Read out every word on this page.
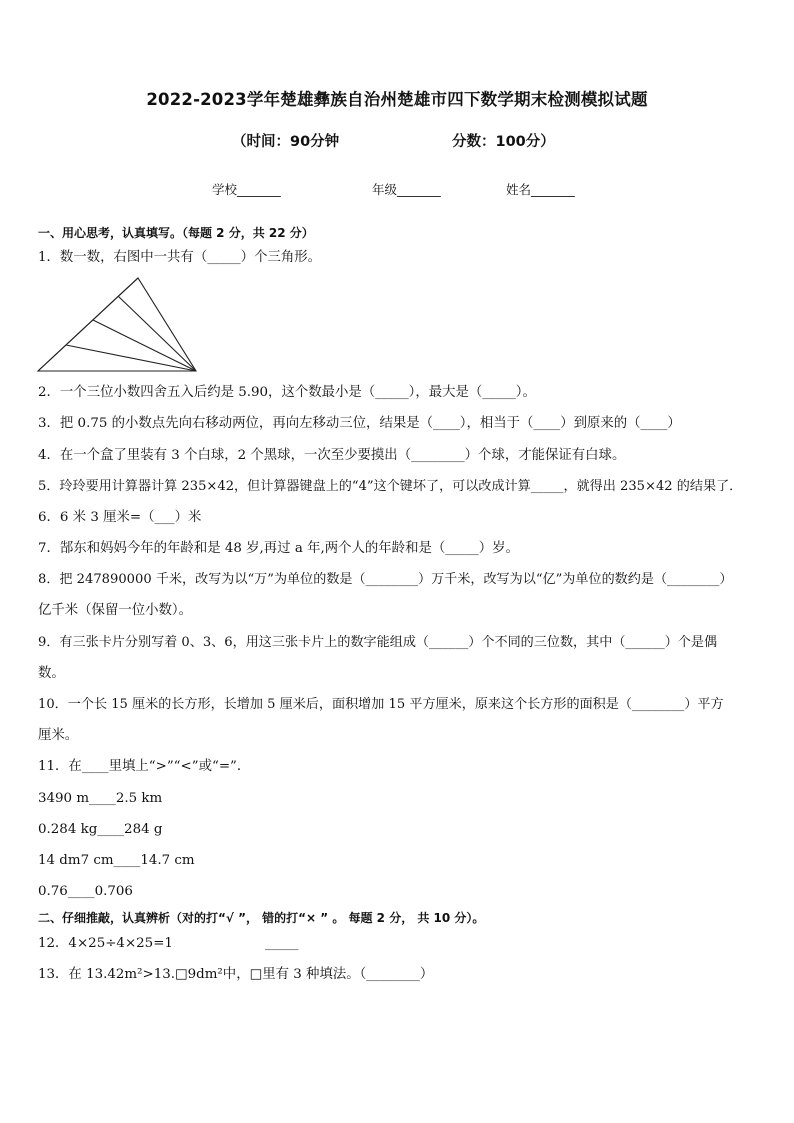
2022-2023学年楚雄彝族自治州楚雄市四下数学期末检测模拟试题
（时间：90分钟	分数：100分）
学校_______	年级_______	姓名_______
一、用心思考，认真填写。（每题 2 分，共 22 分）
1．数一数，右图中一共有（_____）个三角形。
2．一个三位小数四舍五入后约是 5.90，这个数最小是（_____），最大是（_____）。
3．把 0.75 的小数点先向右移动两位，再向左移动三位，结果是（____），相当于（____）到原来的（____）
4．在一个盒了里装有 3 个白球，2 个黑球，一次至少要摸出（________）个球，才能保证有白球。
5．玲玲要用计算器计算 235×42，但计算器键盘上的“4”这个键坏了，可以改成计算_____，就得出 235×42 的结果了．
6．6 米 3 厘米=（___）米
7．郜东和妈妈今年的年龄和是 48 岁,再过 a 年,两个人的年龄和是（_____）岁。
8．把 247890000 千米，改写为以“万”为单位的数是（________）万千米，改写为以“亿”为单位的数约是（________）
亿千米（保留一位小数）。
9．有三张卡片分别写着 0、3、6，用这三张卡片上的数字能组成（______）个不同的三位数，其中（______）个是偶
数。
10．一个长 15 厘米的长方形，长增加 5 厘米后，面积增加 15 平方厘米，原来这个长方形的面积是（________）平方
厘米。
11．在____里填上“>”“<”或“=”．
3490 m____2.5 km
0.284 kg____284 g
14 dm7 cm____14.7 cm
0.76____0.706
二、仔细推敲，认真辨析（对的打“√ ”， 错的打“× ” 。 每题 2 分， 共 10 分）。
12．4×25÷4×25=1	_____
13．在 13.42m²>13.□9dm²中，□里有 3 种填法。（________）
